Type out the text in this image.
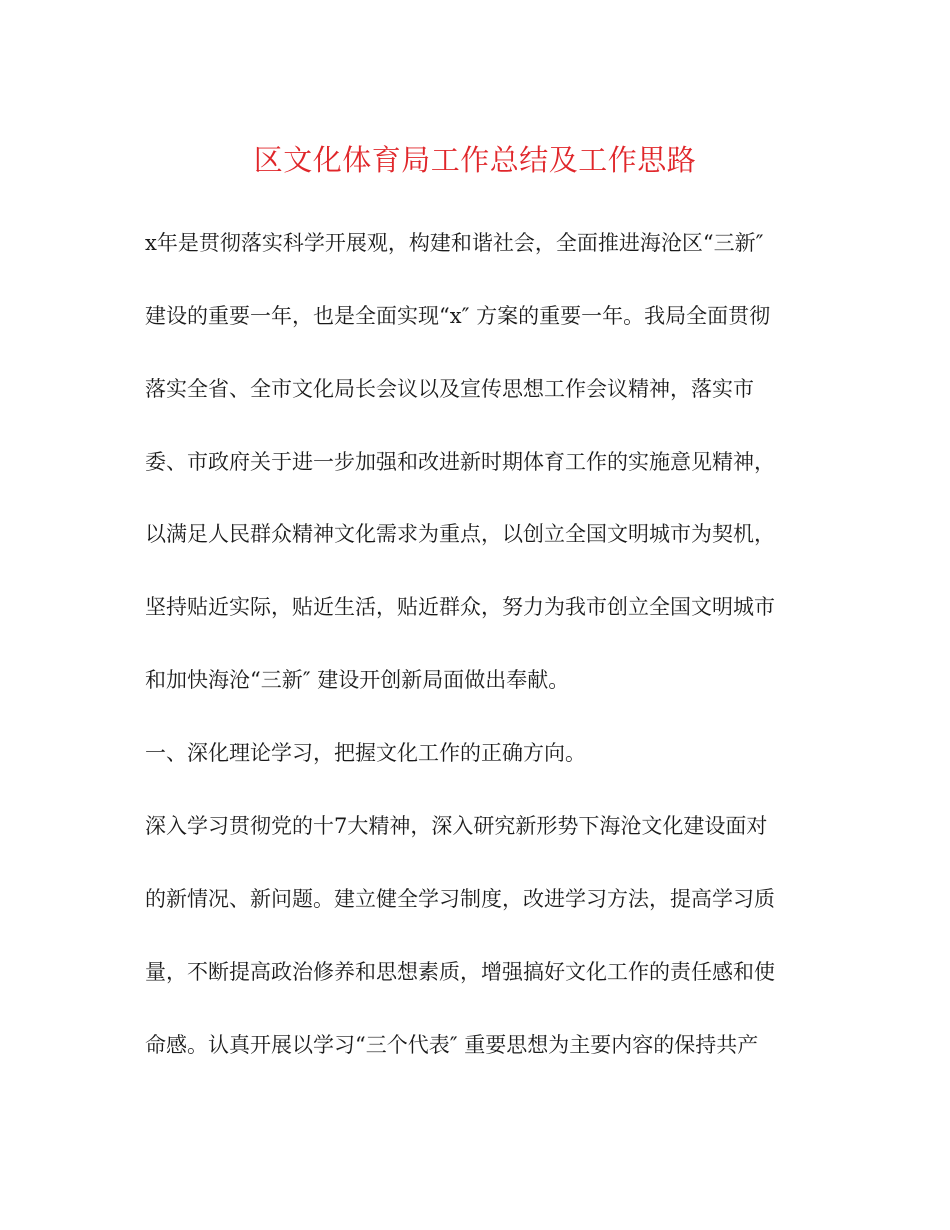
区文化体育局工作总结及工作思路

x年是贯彻落实科学开展观，构建和谐社会，全面推进海沧区“三新″

建设的重要一年，也是全面实现“x″ 方案的重要一年。我局全面贯彻

落实全省、全市文化局长会议以及宣传思想工作会议精神，落实市

委、市政府关于进一步加强和改进新时期体育工作的实施意见精神，

以满足人民群众精神文化需求为重点，以创立全国文明城市为契机，

坚持贴近实际，贴近生活，贴近群众，努力为我市创立全国文明城市

和加快海沧“三新″ 建设开创新局面做出奉献。

一、深化理论学习，把握文化工作的正确方向。

深入学习贯彻党的十7大精神，深入研究新形势下海沧文化建设面对

的新情况、新问题。建立健全学习制度，改进学习方法，提高学习质

量，不断提高政治修养和思想素质，增强搞好文化工作的责任感和使

命感。认真开展以学习“三个代表″ 重要思想为主要内容的保持共产
